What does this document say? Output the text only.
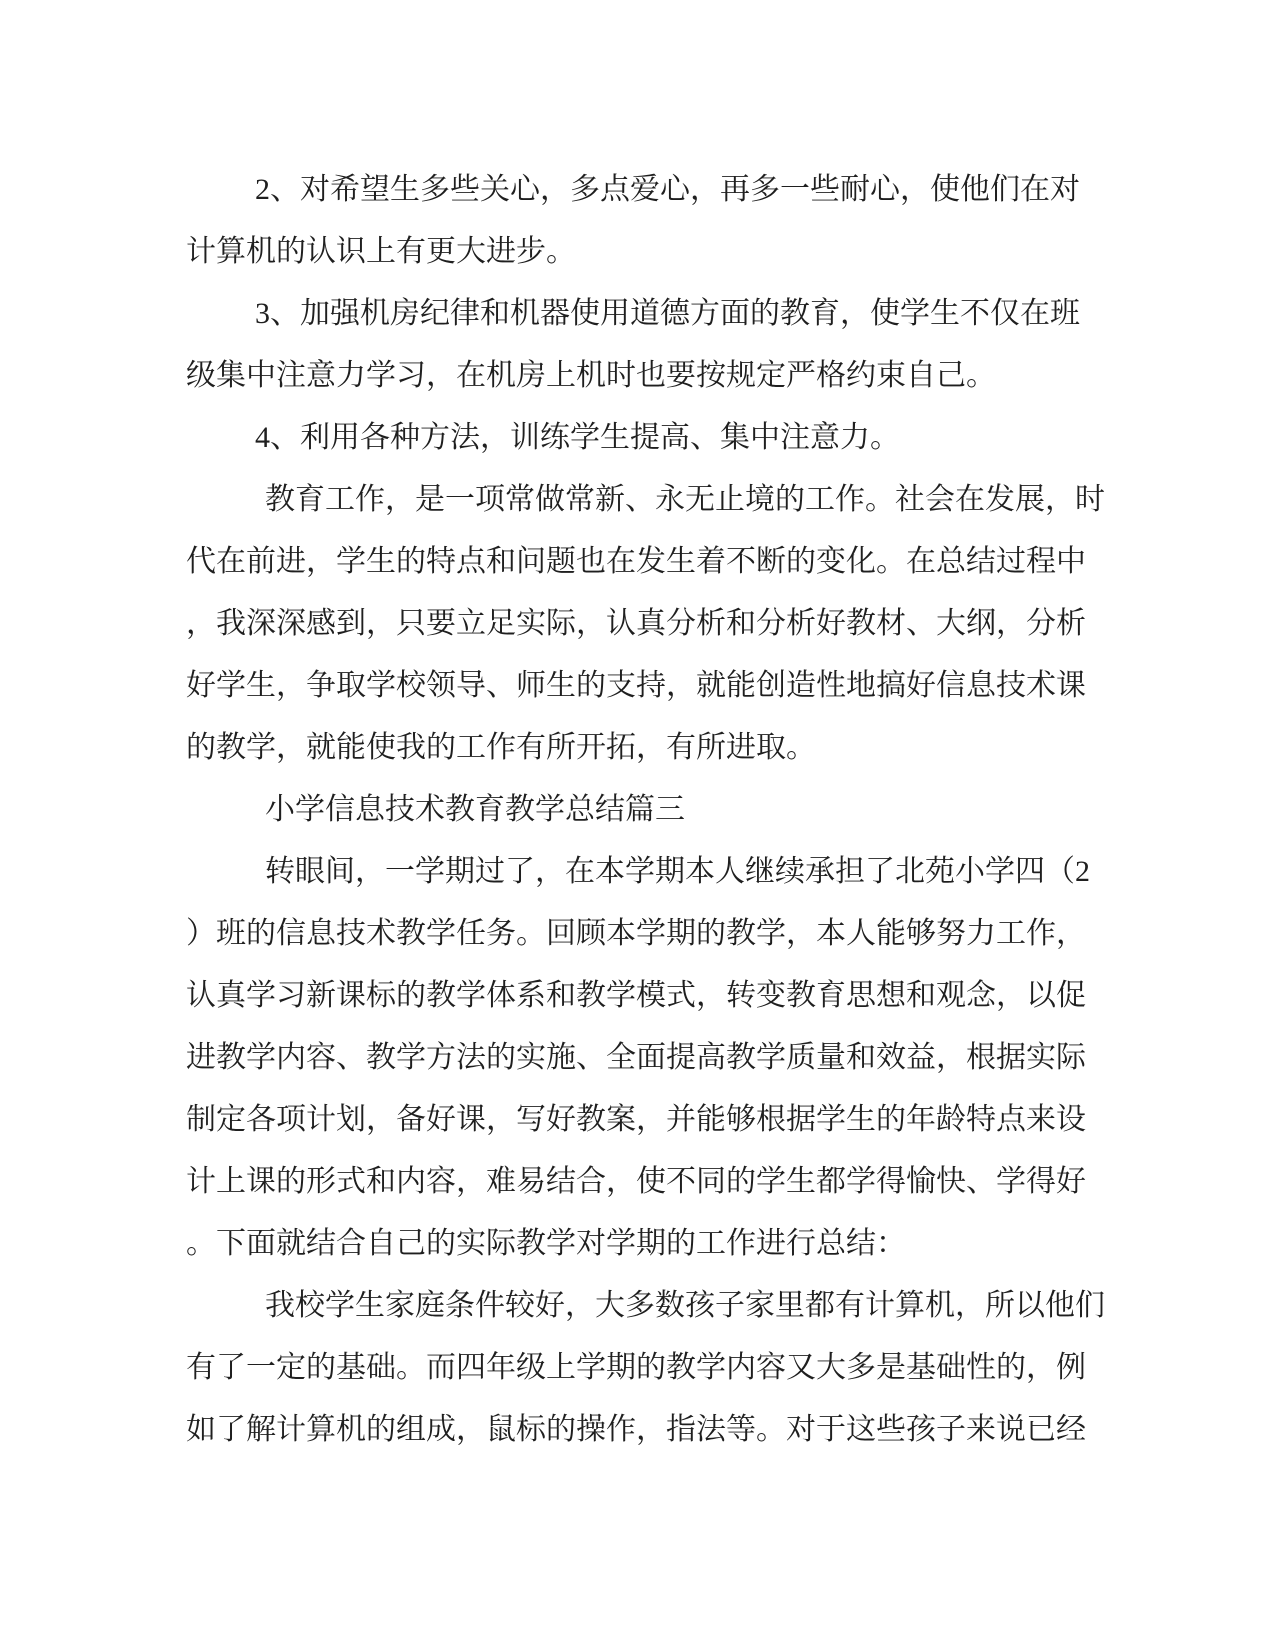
2、对希望生多些关心，多点爱心，再多一些耐心，使他们在对
计算机的认识上有更大进步。
3、加强机房纪律和机器使用道德方面的教育，使学生不仅在班
级集中注意力学习，在机房上机时也要按规定严格约束自己。
4、利用各种方法，训练学生提高、集中注意力。
教育工作，是一项常做常新、永无止境的工作。社会在发展，时
代在前进，学生的特点和问题也在发生着不断的变化。在总结过程中
，我深深感到，只要立足实际，认真分析和分析好教材、大纲，分析
好学生，争取学校领导、师生的支持，就能创造性地搞好信息技术课
的教学，就能使我的工作有所开拓，有所进取。
小学信息技术教育教学总结篇三
转眼间，一学期过了，在本学期本人继续承担了北苑小学四（2
）班的信息技术教学任务。回顾本学期的教学，本人能够努力工作，
认真学习新课标的教学体系和教学模式，转变教育思想和观念，以促
进教学内容、教学方法的实施、全面提高教学质量和效益，根据实际
制定各项计划，备好课，写好教案，并能够根据学生的年龄特点来设
计上课的形式和内容，难易结合，使不同的学生都学得愉快、学得好
。下面就结合自己的实际教学对学期的工作进行总结：
我校学生家庭条件较好，大多数孩子家里都有计算机，所以他们
有了一定的基础。而四年级上学期的教学内容又大多是基础性的，例
如了解计算机的组成，鼠标的操作，指法等。对于这些孩子来说已经
